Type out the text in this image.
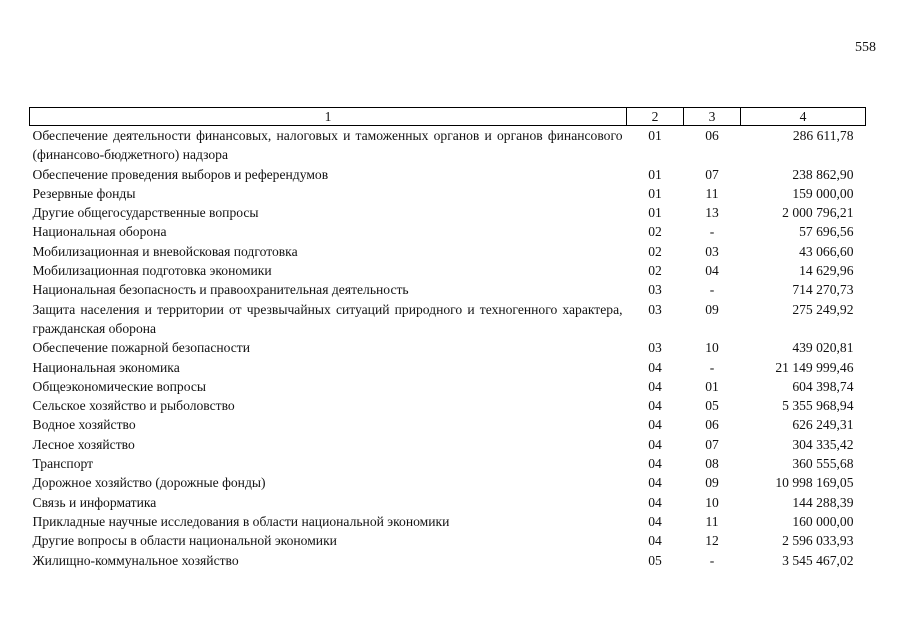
558
1	2	3	4
Обеспечение деятельности финансовых, налоговых и таможенных органов и органов финансового (финансово-бюджетного) надзора	01	06	286 611,78
Обеспечение проведения выборов и референдумов	01	07	238 862,90
Резервные фонды	01	11	159 000,00
Другие общегосударственные вопросы	01	13	2 000 796,21
Национальная оборона	02	-	57 696,56
Мобилизационная и вневойсковая подготовка	02	03	43 066,60
Мобилизационная подготовка экономики	02	04	14 629,96
Национальная безопасность и правоохранительная деятельность	03	-	714 270,73
Защита населения и территории от чрезвычайных ситуаций природного и техногенного характера, гражданская оборона	03	09	275 249,92
Обеспечение пожарной безопасности	03	10	439 020,81
Национальная экономика	04	-	21 149 999,46
Общеэкономические вопросы	04	01	604 398,74
Сельское хозяйство и рыболовство	04	05	5 355 968,94
Водное хозяйство	04	06	626 249,31
Лесное хозяйство	04	07	304 335,42
Транспорт	04	08	360 555,68
Дорожное хозяйство (дорожные фонды)	04	09	10 998 169,05
Связь и информатика	04	10	144 288,39
Прикладные научные исследования в области национальной экономики	04	11	160 000,00
Другие вопросы в области национальной экономики	04	12	2 596 033,93
Жилищно-коммунальное хозяйство	05	-	3 545 467,02
